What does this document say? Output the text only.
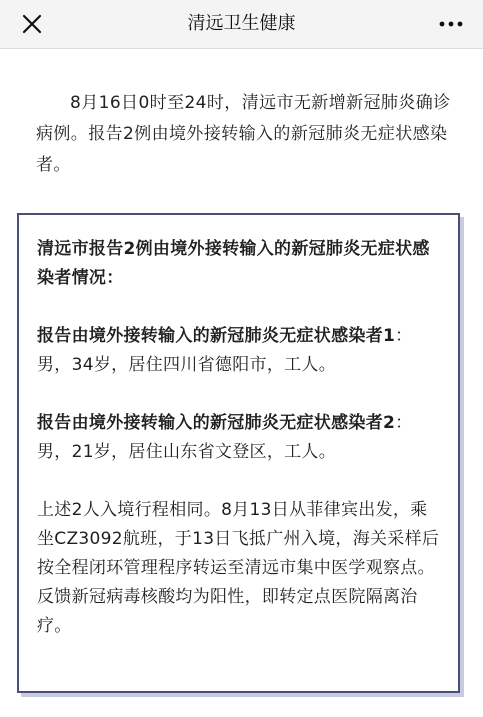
清远卫生健康

8月16日0时至24时，清远市无新增新冠肺炎确诊病例。报告2例由境外接转输入的新冠肺炎无症状感染者。

清远市报告2例由境外接转输入的新冠肺炎无症状感染者情况：

报告由境外接转输入的新冠肺炎无症状感染者1：男，34岁，居住四川省德阳市，工人。

报告由境外接转输入的新冠肺炎无症状感染者2：男，21岁，居住山东省文登区，工人。

上述2人入境行程相同。8月13日从菲律宾出发，乘坐CZ3092航班，于13日飞抵广州入境，海关采样后按全程闭环管理程序转运至清远市集中医学观察点。反馈新冠病毒核酸均为阳性，即转定点医院隔离治疗。
